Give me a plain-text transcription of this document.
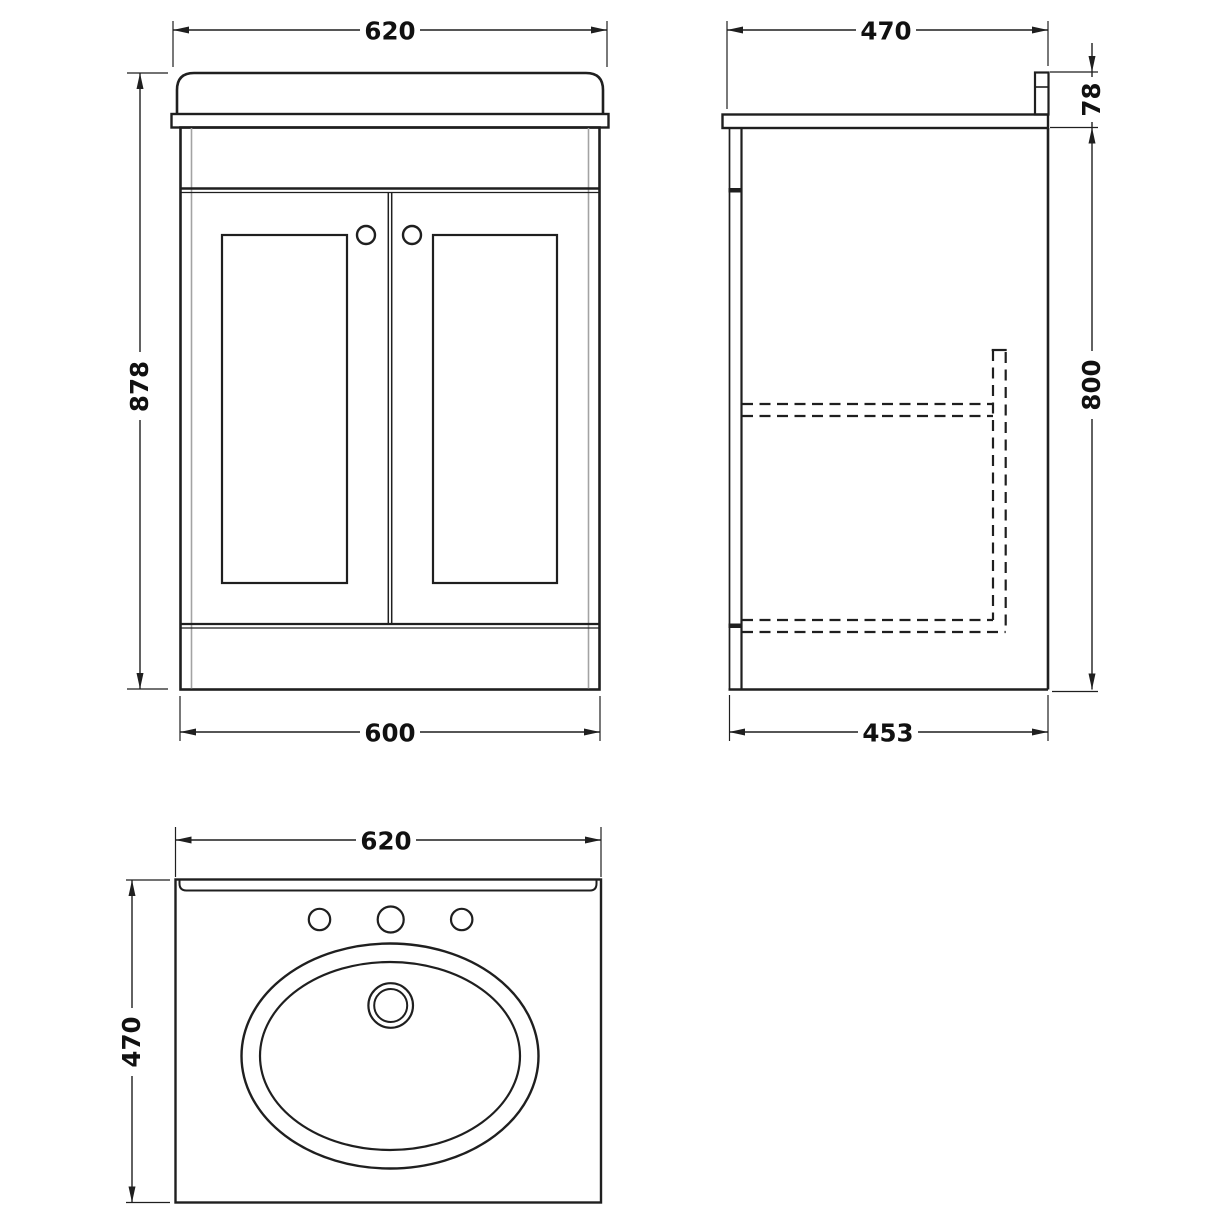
620
878
600
470
78
800
453
620
470
